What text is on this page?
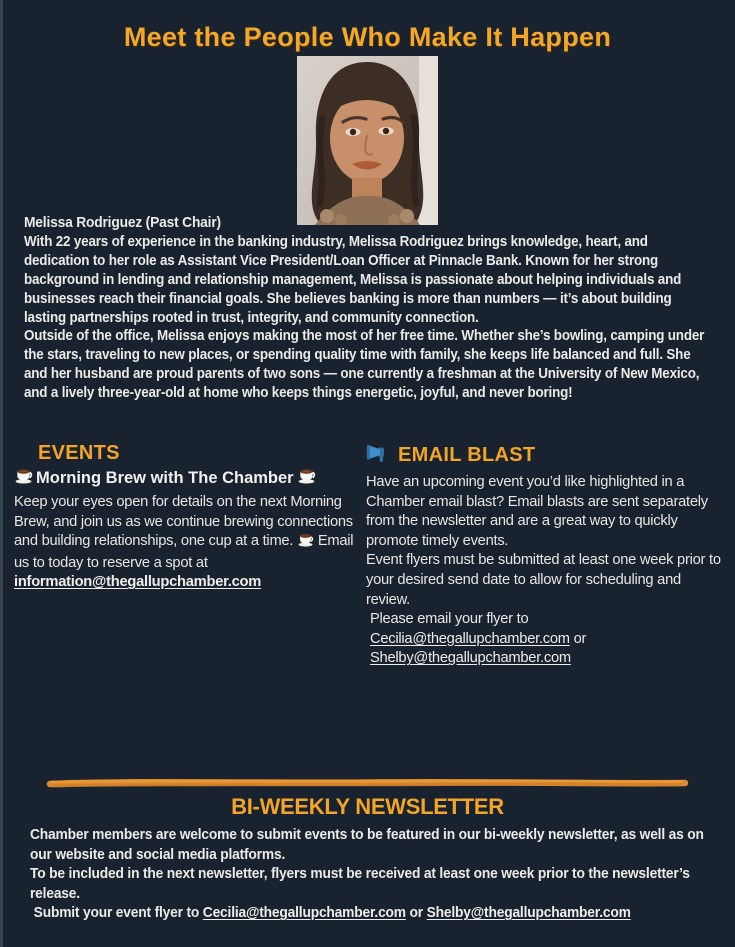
Meet the People Who Make It Happen
Melissa Rodriguez (Past Chair)
With 22 years of experience in the banking industry, Melissa Rodriguez brings knowledge, heart, and dedication to her role as Assistant Vice President/Loan Officer at Pinnacle Bank. Known for her strong background in lending and relationship management, Melissa is passionate about helping individuals and businesses reach their financial goals. She believes banking is more than numbers — it’s about building lasting partnerships rooted in trust, integrity, and community connection.
Outside of the office, Melissa enjoys making the most of her free time. Whether she’s bowling, camping under the stars, traveling to new places, or spending quality time with family, she keeps life balanced and full. She and her husband are proud parents of two sons — one currently a freshman at the University of New Mexico, and a lively three-year-old at home who keeps things energetic, joyful, and never boring!
EVENTS
Morning Brew with The Chamber
Keep your eyes open for details on the next Morning Brew, and join us as we continue brewing connections and building relationships, one cup at a time.  Email us to today to reserve a spot at information@thegallupchamber.com
EMAIL BLAST
Have an upcoming event you’d like highlighted in a Chamber email blast? Email blasts are sent separately from the newsletter and are a great way to quickly promote timely events.
Event flyers must be submitted at least one week prior to your desired send date to allow for scheduling and review.
Please email your flyer to Cecilia@thegallupchamber.com or Shelby@thegallupchamber.com
BI-WEEKLY NEWSLETTER
Chamber members are welcome to submit events to be featured in our bi-weekly newsletter, as well as on our website and social media platforms.
To be included in the next newsletter, flyers must be received at least one week prior to the newsletter’s release.
Submit your event flyer to Cecilia@thegallupchamber.com or Shelby@thegallupchamber.com
